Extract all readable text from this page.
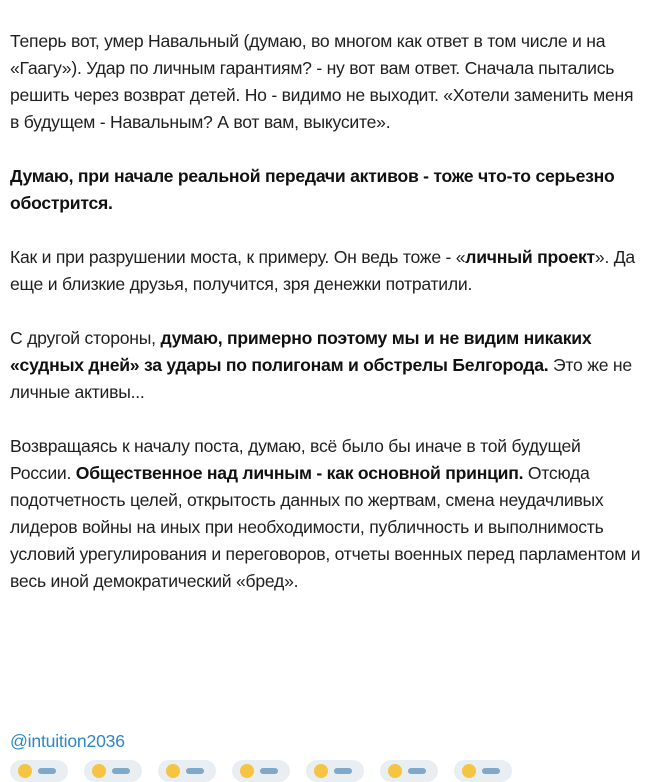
Теперь вот, умер Навальный (думаю, во многом как ответ в том числе и на «Гаагу»). Удар по личным гарантиям? - ну вот вам ответ. Сначала пытались решить через возврат детей. Но - видимо не выходит. «Хотели заменить меня в будущем - Навальным? А вот вам, выкусите».

Думаю, при начале реальной передачи активов - тоже что-то серьезно обострится.

Как и при разрушении моста, к примеру. Он ведь тоже - «личный проект». Да еще и близкие друзья, получится, зря денежки потратили.

С другой стороны, думаю, примерно поэтому мы и не видим никаких «судных дней» за удары по полигонам и обстрелы Белгорода. Это же не личные активы...

Возвращаясь к началу поста, думаю, всё было бы иначе в той будущей России. Общественное над личным - как основной принцип. Отсюда подотчетность целей, открытость данных по жертвам, смена неудачливых лидеров войны на иных при необходимости, публичность и выполнимость условий урегулирования и переговоров, отчеты военных перед парламентом и весь иной демократический «бред».

@intuition2036
